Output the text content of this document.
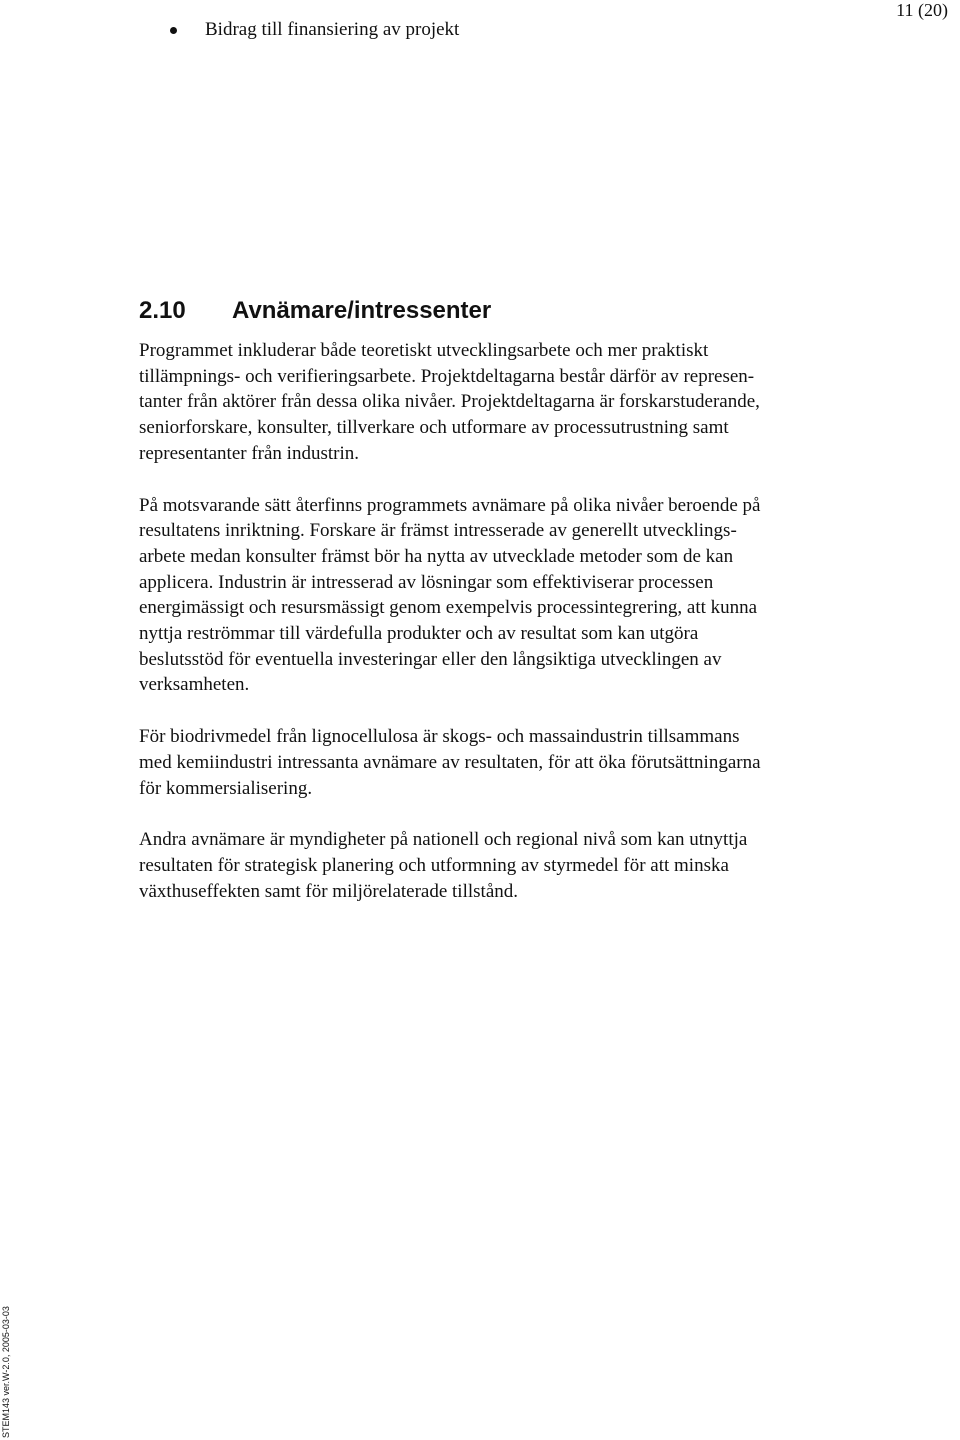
11 (20)
Bidrag till finansiering av projekt
2.10 Avnämare/intressenter

Programmet inkluderar både teoretiskt utvecklingsarbete och mer praktiskt
tillämpnings- och verifieringsarbete. Projektdeltagarna består därför av represen-
tanter från aktörer från dessa olika nivåer. Projektdeltagarna är forskarstuderande,
seniorforskare, konsulter, tillverkare och utformare av processutrustning samt
representanter från industrin.

På motsvarande sätt återfinns programmets avnämare på olika nivåer beroende på
resultatens inriktning. Forskare är främst intresserade av generellt utvecklings-
arbete medan konsulter främst bör ha nytta av utvecklade metoder som de kan
applicera. Industrin är intresserad av lösningar som effektiviserar processen
energimässigt och resursmässigt genom exempelvis processintegrering, att kunna
nyttja reströmmar till värdefulla produkter och av resultat som kan utgöra
beslutsstöd för eventuella investeringar eller den långsiktiga utvecklingen av
verksamheten.

För biodrivmedel från lignocellulosa är skogs- och massaindustrin tillsammans
med kemiindustri intressanta avnämare av resultaten, för att öka förutsättningarna
för kommersialisering.

Andra avnämare är myndigheter på nationell och regional nivå som kan utnyttja
resultaten för strategisk planering och utformning av styrmedel för att minska
växthuseffekten samt för miljörelaterade tillstånd.

STEM143 ver.W-2.0, 2005-03-03
